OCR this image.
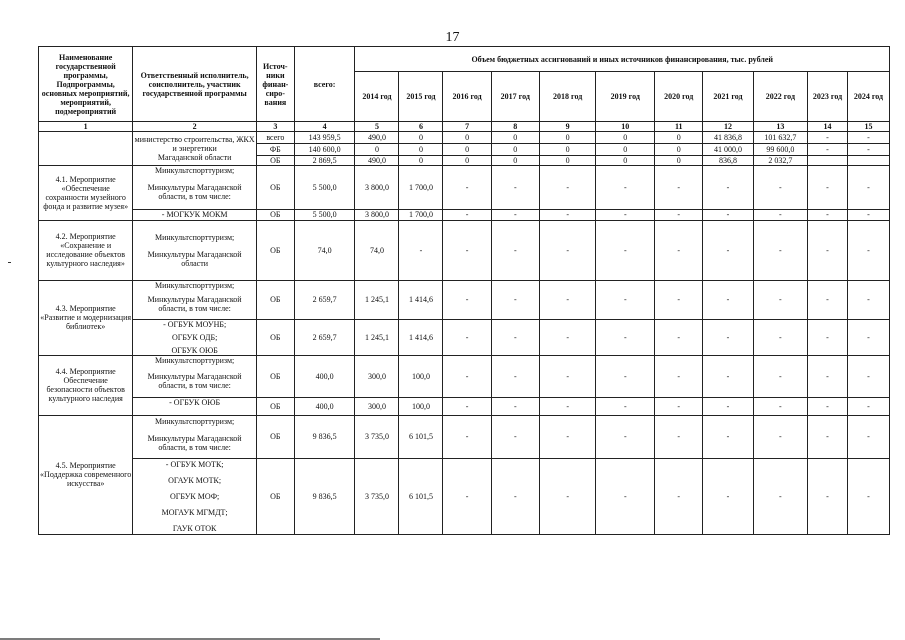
17
Наименование государственной программы, Подпрограммы, основных мероприятий, мероприятий, подмероприятий	Ответственный исполнитель, соисполнитель, участник государственной программы	Источ-ники финан-сиро-вания	всего:	Объем бюджетных ассигнований и иных источников финансирования, тыс. рублей										
				2014 год	2015 год	2016 год	2017 год	2018 год	2019 год	2020 год	2021 год	2022 год	2023 год	2024 год
1	2	3	4	5	6	7	8	9	10	11	12	13	14	15

	министерство строительства, ЖКХ
и энергетики
Магаданской области	всего	143 959,5	490,0	0	0	0	0	0	0	41 836,8	101 632,7	-	-
		ФБ	140 600,0	0	0	0	0	0	0	0	41 000,0	99 600,0	-	-
		ОБ	2 869,5	490,0	0	0	0	0	0	0	836,8	2 032,7		
4.1. Мероприятие «Обеспечение сохранности музейного фонда и развитие музея»	Минкультспорттуризм;	ОБ	5 500,0	3 800,0	1 700,0	-	-	-	-	-	-	-	-	-
	Минкультуры Магаданской области, в том числе:													
	- МОГКУК МОКМ	ОБ	5 500,0	3 800,0	1 700,0	-	-	-	-	-	-	-	-	-
4.2. Мероприятие «Сохранение и исследование объектов культурного наследия»	Минкультспорттуризм;
Минкультуры Магаданской области	ОБ	74,0	74,0	-	-	-	-	-	-	-	-	-	-
4.3. Мероприятие «Развитие и модернизация библиотек»	Минкультспорттуризм;	ОБ	2 659,7	1 245,1	1 414,6	-	-	-	-	-	-	-	-	-
	Минкультуры Магаданской области, в том числе:													

	- ОГБУК МОУНБ;
ОГБУК ОДБ;
ОГБУК ОЮБ	ОБ	2 659,7	1 245,1	1 414,6	-	-	-	-	-	-	-	-	-
4.4. Мероприятие Обеспечение безопасности объектов культурного наследия	Минкультспорттуризм;	ОБ	400,0	300,0	100,0	-	-	-	-	-	-	-	-	-
	Минкультуры Магаданской области, в том числе:													
	- ОГБУК ОЮБ	ОБ	400,0	300,0	100,0	-	-	-	-	-	-	-	-	-
4.5. Мероприятие «Поддержка современного искусства»	Минкультспорттуризм;	ОБ	9 836,5	3 735,0	6 101,5	-	-	-	-	-	-	-	-	-
	Минкультуры Магаданской области, в том числе:													

	- ОГБУК МОТК;
ОГАУК МОТК;
ОГБУК МОФ;
МОГАУК МГМДТ;
ГАУК ОТОК	ОБ	9 836,5	3 735,0	6 101,5	-	-	-	-	-	-	-	-	-
